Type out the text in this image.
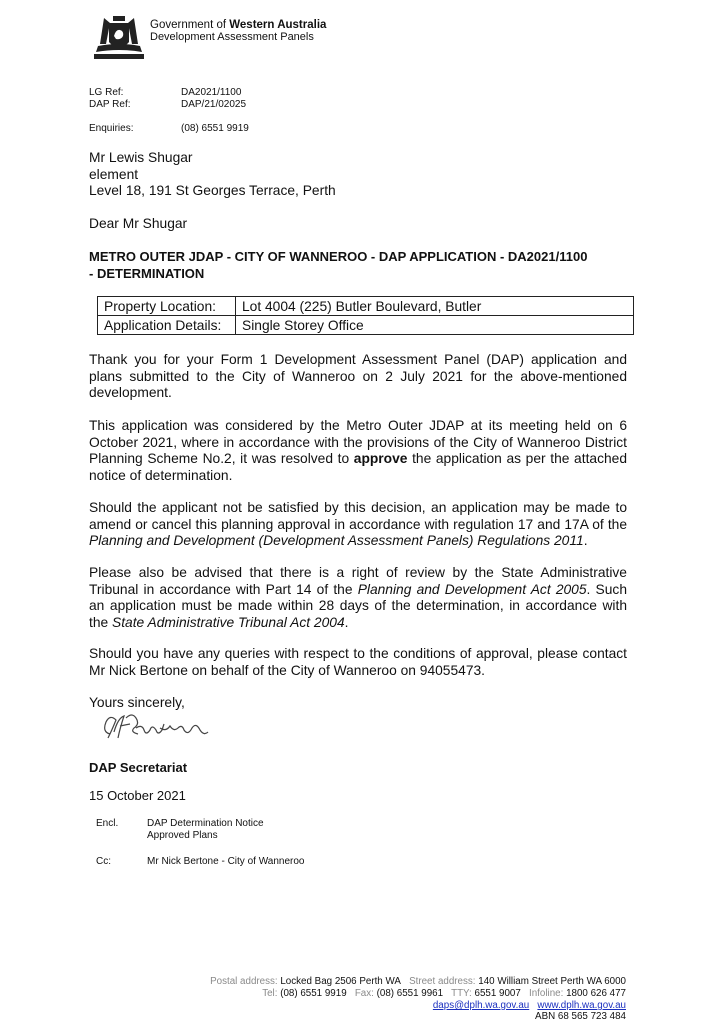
Government of Western Australia
Development Assessment Panels
LG Ref:	DA2021/1100
DAP Ref:	DAP/21/02025
Enquiries:	(08) 6551 9919
Mr Lewis Shugar
element
Level 18, 191 St Georges Terrace, Perth
Dear Mr Shugar
METRO OUTER JDAP - CITY OF WANNEROO - DAP APPLICATION - DA2021/1100
- DETERMINATION
Property Location:	Lot 4004 (225) Butler Boulevard, Butler
Application Details:	Single Storey Office
Thank you for your Form 1 Development Assessment Panel (DAP) application and plans submitted to the City of Wanneroo on 2 July 2021 for the above-mentioned development.
This application was considered by the Metro Outer JDAP at its meeting held on 6 October 2021, where in accordance with the provisions of the City of Wanneroo District Planning Scheme No.2, it was resolved to approve the application as per the attached notice of determination.
Should the applicant not be satisfied by this decision, an application may be made to amend or cancel this planning approval in accordance with regulation 17 and 17A of the Planning and Development (Development Assessment Panels) Regulations 2011.
Please also be advised that there is a right of review by the State Administrative Tribunal in accordance with Part 14 of the Planning and Development Act 2005. Such an application must be made within 28 days of the determination, in accordance with the State Administrative Tribunal Act 2004.
Should you have any queries with respect to the conditions of approval, please contact Mr Nick Bertone on behalf of the City of Wanneroo on 94055473.
Yours sincerely,
DAP Secretariat
15 October 2021
Encl.	DAP Determination Notice
Approved Plans
Cc:	Mr Nick Bertone - City of Wanneroo
Postal address: Locked Bag 2506 Perth WA Street address: 140 William Street Perth WA 6000
Tel: (08) 6551 9919 Fax: (08) 6551 9961 TTY: 6551 9007 Infoline: 1800 626 477
daps@dplh.wa.gov.au www.dplh.wa.gov.au
ABN 68 565 723 484
